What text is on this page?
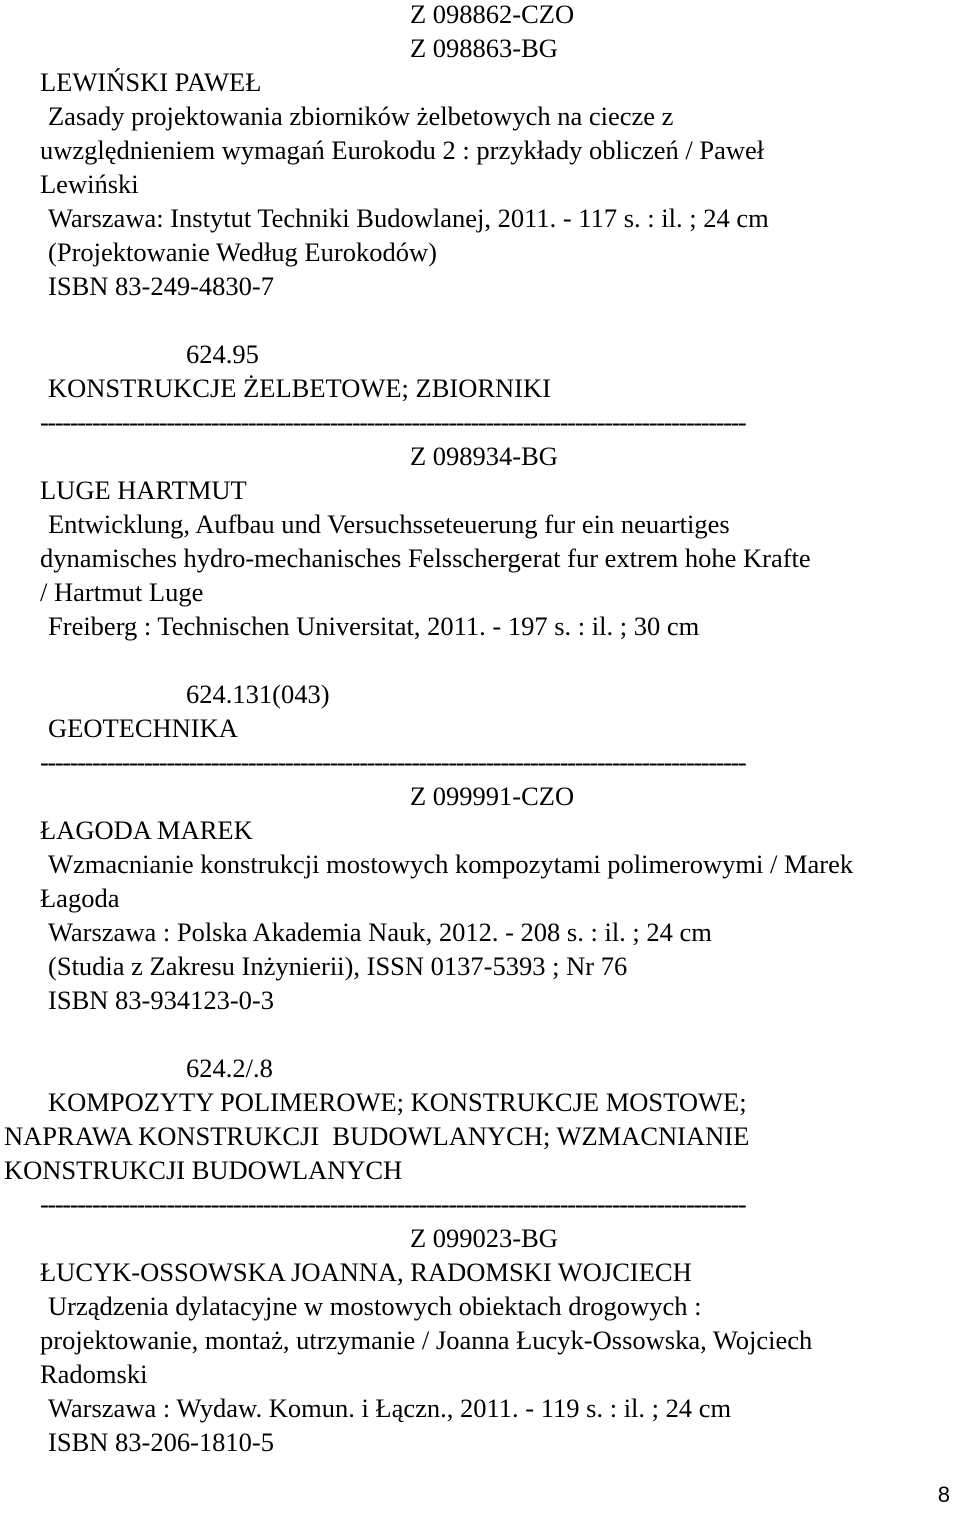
Z 098862-CZO
Z 098863-BG
LEWIŃSKI PAWEŁ
Zasady projektowania zbiorników żelbetowych na ciecze z
uwzględnieniem wymagań Eurokodu 2 : przykłady obliczeń / Paweł
Lewiński
Warszawa: Instytut Techniki Budowlanej, 2011. - 117 s. : il. ; 24 cm
(Projektowanie Według Eurokodów)
ISBN 83-249-4830-7
624.95
KONSTRUKCJE ŻELBETOWE; ZBIORNIKI
-----------------------------------------------------------------------------------------------
Z 098934-BG
LUGE HARTMUT
Entwicklung, Aufbau und Versuchsseteuerung fur ein neuartiges
dynamisches hydro-mechanisches Felsschergerat fur extrem hohe Krafte
/ Hartmut Luge
Freiberg : Technischen Universitat, 2011. - 197 s. : il. ; 30 cm
624.131(043)
GEOTECHNIKA
-----------------------------------------------------------------------------------------------
Z 099991-CZO
ŁAGODA MAREK
Wzmacnianie konstrukcji mostowych kompozytami polimerowymi / Marek
Łagoda
Warszawa : Polska Akademia Nauk, 2012. - 208 s. : il. ; 24 cm
(Studia z Zakresu Inżynierii), ISSN 0137-5393 ; Nr 76
ISBN 83-934123-0-3
624.2/.8
KOMPOZYTY POLIMEROWE; KONSTRUKCJE MOSTOWE;
NAPRAWA KONSTRUKCJI  BUDOWLANYCH; WZMACNIANIE
KONSTRUKCJI BUDOWLANYCH
-----------------------------------------------------------------------------------------------
Z 099023-BG
ŁUCYK-OSSOWSKA JOANNA, RADOMSKI WOJCIECH
Urządzenia dylatacyjne w mostowych obiektach drogowych :
projektowanie, montaż, utrzymanie / Joanna Łucyk-Ossowska, Wojciech
Radomski
Warszawa : Wydaw. Komun. i Łączn., 2011. - 119 s. : il. ; 24 cm
ISBN 83-206-1810-5
8
